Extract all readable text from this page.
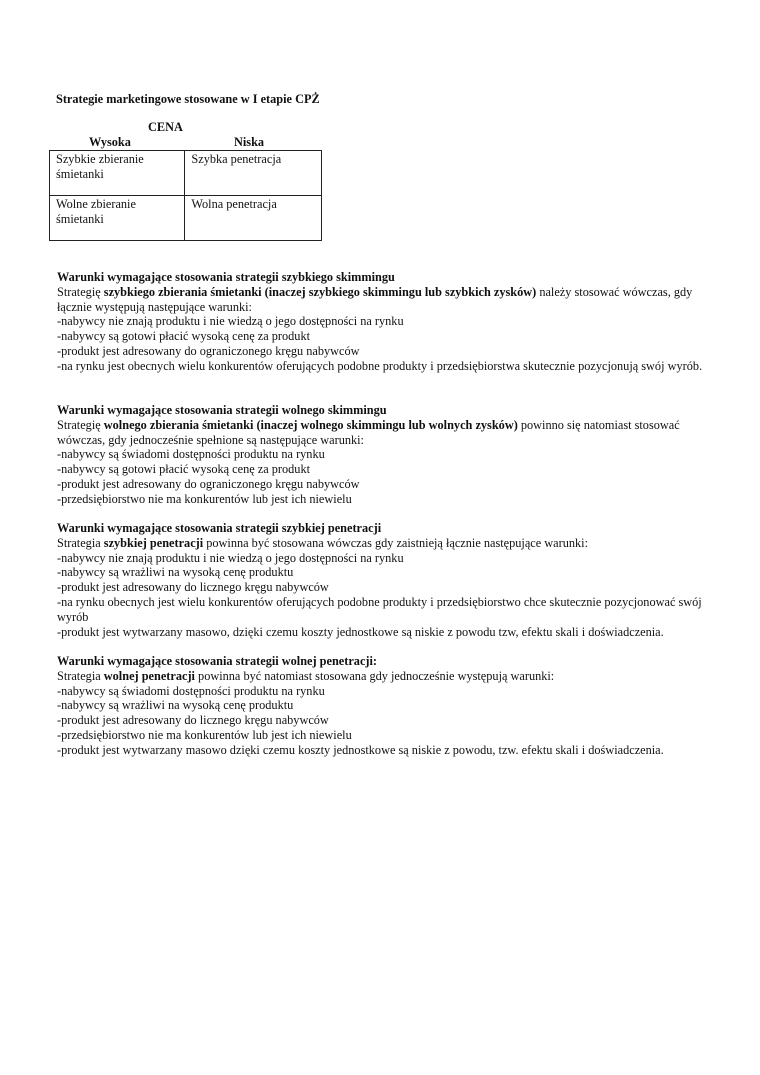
Strategie marketingowe stosowane w I etapie CPŻ
CENA
Wysoka	Niska
Szybkie zbieranie śmietanki	Szybka penetracja
Wolne zbieranie śmietanki	Wolna penetracja

Warunki wymagające stosowania strategii szybkiego skimmingu

Strategię szybkiego zbierania śmietanki (inaczej szybkiego skimmingu lub szybkich zysków) należy stosować wówczas, gdy łącznie występują następujące warunki:

-nabywcy nie znają produktu i nie wiedzą o jego dostępności na rynku

-nabywcy są gotowi płacić wysoką cenę za produkt

-produkt jest adresowany do ograniczonego kręgu nabywców

-na rynku jest obecnych wielu konkurentów oferujących podobne produkty i przedsiębiorstwa skutecznie pozycjonują swój wyrób.

Warunki wymagające stosowania strategii wolnego skimmingu

Strategię wolnego zbierania śmietanki (inaczej wolnego skimmingu lub wolnych zysków) powinno się natomiast stosować wówczas, gdy jednocześnie spełnione są następujące warunki:

-nabywcy są świadomi dostępności produktu na rynku

-nabywcy są gotowi płacić wysoką cenę za produkt

-produkt jest adresowany do ograniczonego kręgu nabywców

-przedsiębiorstwo nie ma konkurentów lub jest ich niewielu

Warunki wymagające stosowania strategii szybkiej penetracji

Strategia szybkiej penetracji powinna być stosowana wówczas gdy zaistnieją łącznie następujące warunki:

-nabywcy nie znają produktu i nie wiedzą o jego dostępności na rynku

-nabywcy są wrażliwi na wysoką cenę produktu

-produkt jest adresowany do licznego kręgu nabywców

-na rynku obecnych jest wielu konkurentów oferujących podobne produkty i przedsiębiorstwo chce skutecznie pozycjonować swój wyrób

-produkt jest wytwarzany masowo, dzięki czemu koszty jednostkowe są niskie z powodu tzw, efektu skali i doświadczenia.

Warunki wymagające stosowania strategii wolnej penetracji:

Strategia wolnej penetracji powinna być natomiast stosowana gdy jednocześnie występują warunki:

-nabywcy są świadomi dostępności produktu na rynku

-nabywcy są wrażliwi na wysoką cenę produktu

-produkt jest adresowany do licznego kręgu nabywców

-przedsiębiorstwo nie ma konkurentów lub jest ich niewielu

-produkt jest wytwarzany masowo dzięki czemu koszty jednostkowe są niskie z powodu, tzw. efektu skali i doświadczenia.
